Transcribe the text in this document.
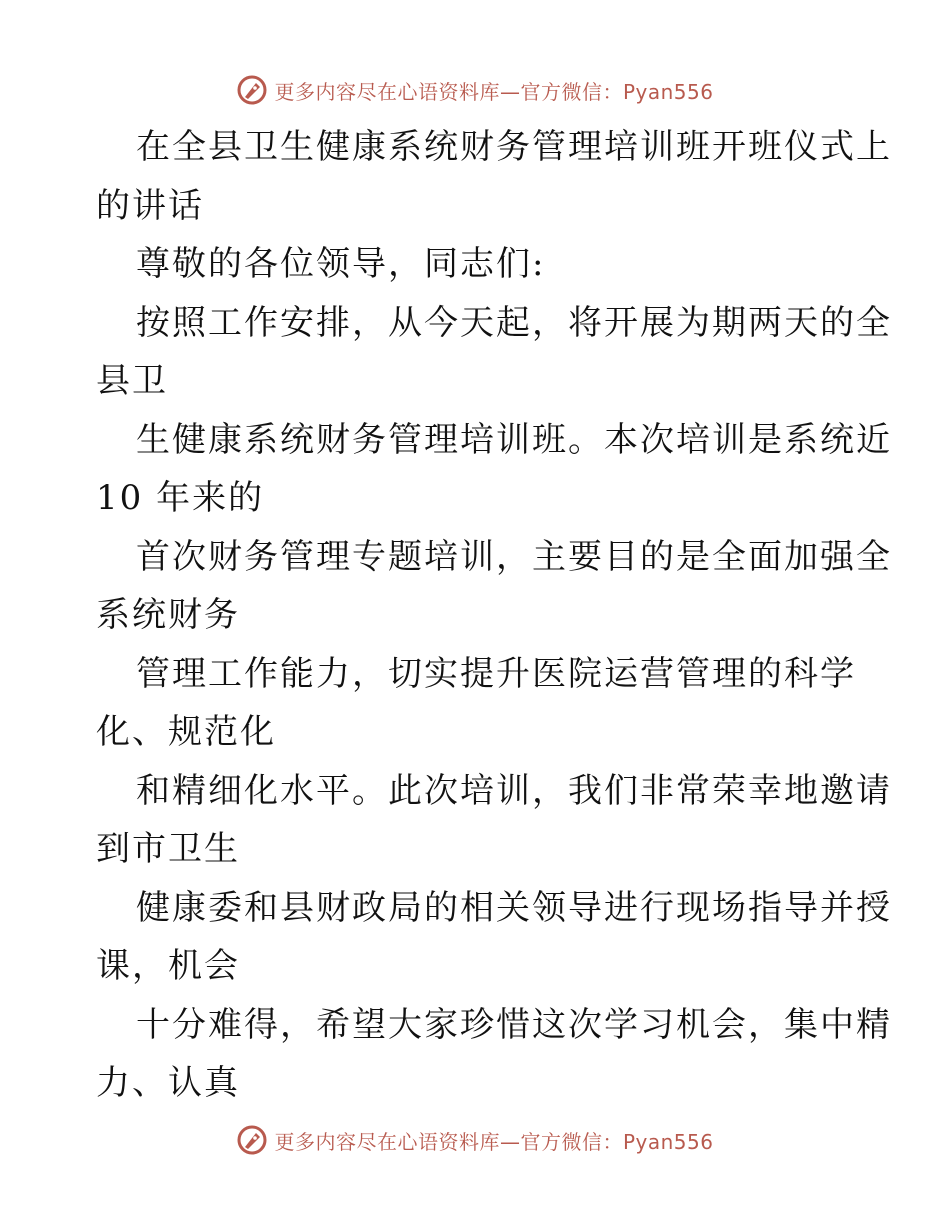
更多内容尽在心语资料库—官方微信：Pyan556
在全县卫生健康系统财务管理培训班开班仪式上
的讲话
尊敬的各位领导，同志们:
按照工作安排，从今天起，将开展为期两天的全
县卫
生健康系统财务管理培训班。本次培训是系统近
10 年来的
首次财务管理专题培训，主要目的是全面加强全
系统财务
管理工作能力，切实提升医院运营管理的科学
化、规范化
和精细化水平。此次培训，我们非常荣幸地邀请
到市卫生
健康委和县财政局的相关领导进行现场指导并授
课，机会
十分难得，希望大家珍惜这次学习机会，集中精
力、认真
更多内容尽在心语资料库—官方微信：Pyan556
